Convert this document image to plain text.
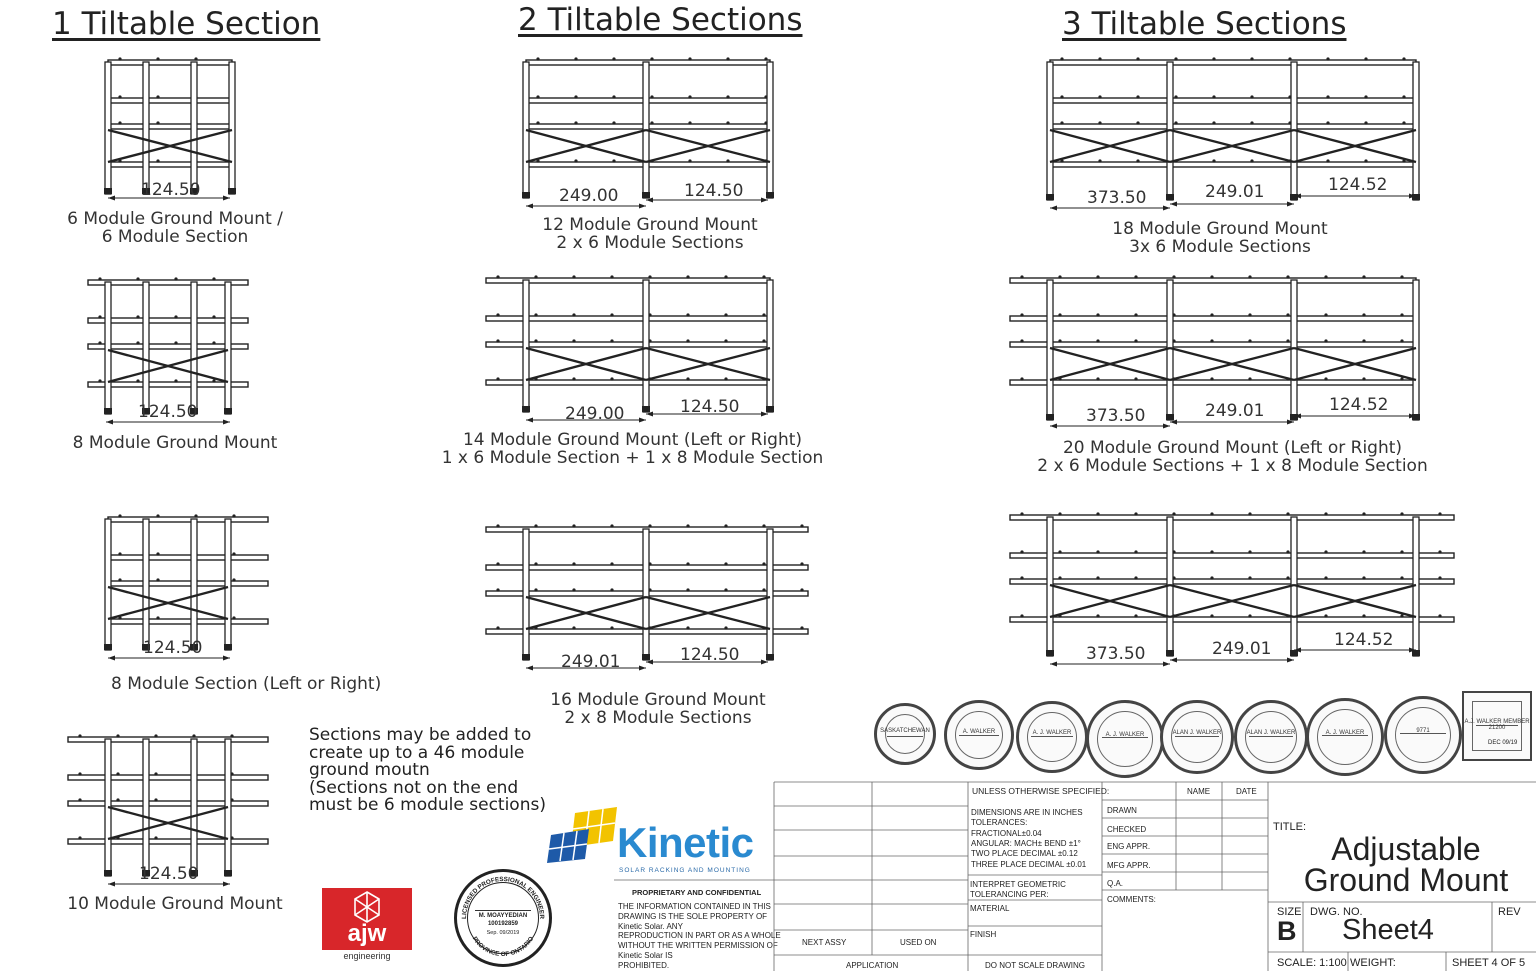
1 Tiltable Section	2 Tiltable Sections	3 Tiltable Sections
124.50
124.50
124.50
124.50
249.00	124.50
249.00	124.50
249.01	124.50
373.50	249.01	124.52
373.50	249.01	124.52
373.50	249.01	124.52
6 Module Ground Mount /
6 Module Section
8 Module Ground Mount
8 Module Section (Left or Right)
10 Module Ground Mount
12 Module Ground Mount
2 x 6 Module Sections
14 Module Ground Mount (Left or Right)
1 x 6 Module Section + 1 x 8 Module Section
16 Module Ground Mount
2 x 8 Module Sections
18 Module Ground Mount
3x 6 Module Sections
20 Module Ground Mount (Left or Right)
2 x 6 Module Sections + 1 x 8 Module Section
Sections may be added to
create up to a 46 module
ground moutn
(Sections not on the end
must be 6 module sections)
Kinetic
SOLAR RACKING AND MOUNTING
ajw
engineering
LICENSED PROFESSIONAL ENGINEER
PROVINCE OF ONTARIO
M. MOAYYEDIAN
100192859
Sep. 09/2019
SASKATCHEWAN	A. WALKER	A. J. WALKER	A. J. WALKER	ALAN J. WALKER	ALAN J. WALKER	A. J. WALKER	9771
A.J. WALKER MEMBER 21200
DEC 09/19
PROPRIETARY AND CONFIDENTIAL
THE INFORMATION CONTAINED IN THIS
DRAWING IS THE SOLE PROPERTY OF
Kinetic Solar. ANY
REPRODUCTION IN PART OR AS A WHOLE
WITHOUT THE WRITTEN PERMISSION OF
Kinetic Solar IS
PROHIBITED.
NEXT ASSY	USED ON
APPLICATION
UNLESS OTHERWISE SPECIFIED:
DIMENSIONS ARE IN INCHES
TOLERANCES:
FRACTIONAL±0.04
ANGULAR: MACH± BEND ±1°
TWO PLACE DECIMAL ±0.12
THREE PLACE DECIMAL ±0.01
INTERPRET GEOMETRIC
TOLERANCING PER:
MATERIAL
FINISH
DO NOT SCALE DRAWING
NAME	DATE
DRAWN
CHECKED
ENG APPR.
MFG APPR.
Q.A.
COMMENTS:
TITLE:
Adjustable
Ground Mount
SIZE
B
DWG. NO.
Sheet4
REV
SCALE: 1:100 WEIGHT:	SHEET 4 OF 5
